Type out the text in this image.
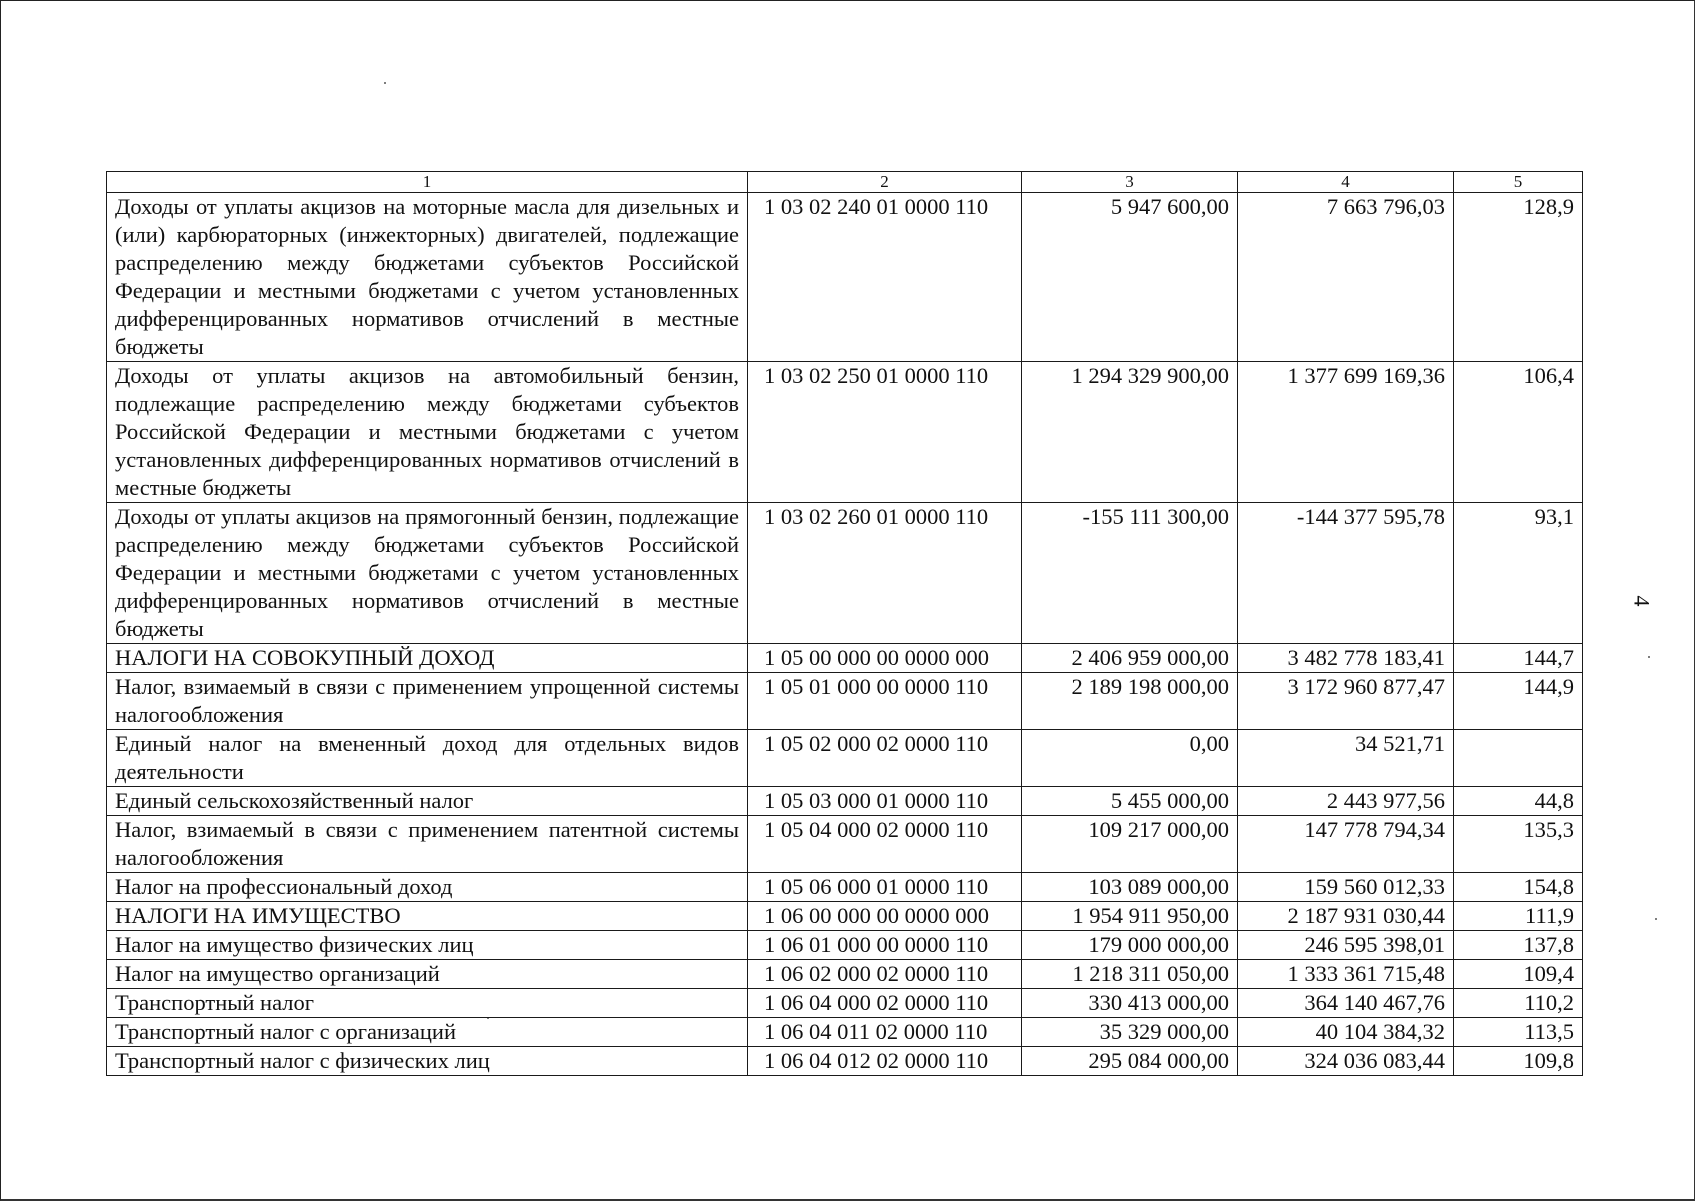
1	2	3	4	5
Доходы от уплаты акцизов на моторные масла для дизельных и (или) карбюраторных (инжекторных) двигателей, подлежащие распределению между бюджетами субъектов Российской Федерации и местными бюджетами с учетом установленных дифференцированных нормативов отчислений в местные бюджеты	1 03 02 240 01 0000 110	5 947 600,00	7 663 796,03	128,9
Доходы от уплаты акцизов на автомобильный бензин, подлежащие распределению между бюджетами субъектов Российской Федерации и местными бюджетами с учетом установленных дифференцированных нормативов отчислений в местные бюджеты	1 03 02 250 01 0000 110	1 294 329 900,00	1 377 699 169,36	106,4
Доходы от уплаты акцизов на прямогонный бензин, подлежащие распределению между бюджетами субъектов Российской Федерации и местными бюджетами с учетом установленных дифференцированных нормативов отчислений в местные бюджеты	1 03 02 260 01 0000 110	-155 111 300,00	-144 377 595,78	93,1
НАЛОГИ НА СОВОКУПНЫЙ ДОХОД	1 05 00 000 00 0000 000	2 406 959 000,00	3 482 778 183,41	144,7
Налог, взимаемый в связи с применением упрощенной системы налогообложения	1 05 01 000 00 0000 110	2 189 198 000,00	3 172 960 877,47	144,9
Единый налог на вмененный доход для отдельных видов деятельности	1 05 02 000 02 0000 110	0,00	34 521,71	
Единый сельскохозяйственный налог	1 05 03 000 01 0000 110	5 455 000,00	2 443 977,56	44,8
Налог, взимаемый в связи с применением патентной системы налогообложения	1 05 04 000 02 0000 110	109 217 000,00	147 778 794,34	135,3
Налог на профессиональный доход	1 05 06 000 01 0000 110	103 089 000,00	159 560 012,33	154,8
НАЛОГИ НА ИМУЩЕСТВО	1 06 00 000 00 0000 000	1 954 911 950,00	2 187 931 030,44	111,9
Налог на имущество физических лиц	1 06 01 000 00 0000 110	179 000 000,00	246 595 398,01	137,8
Налог на имущество организаций	1 06 02 000 02 0000 110	1 218 311 050,00	1 333 361 715,48	109,4
Транспортный налог	1 06 04 000 02 0000 110	330 413 000,00	364 140 467,76	110,2
Транспортный налог с организаций	1 06 04 011 02 0000 110	35 329 000,00	40 104 384,32	113,5
Транспортный налог с физических лиц	1 06 04 012 02 0000 110	295 084 000,00	324 036 083,44	109,8
4
